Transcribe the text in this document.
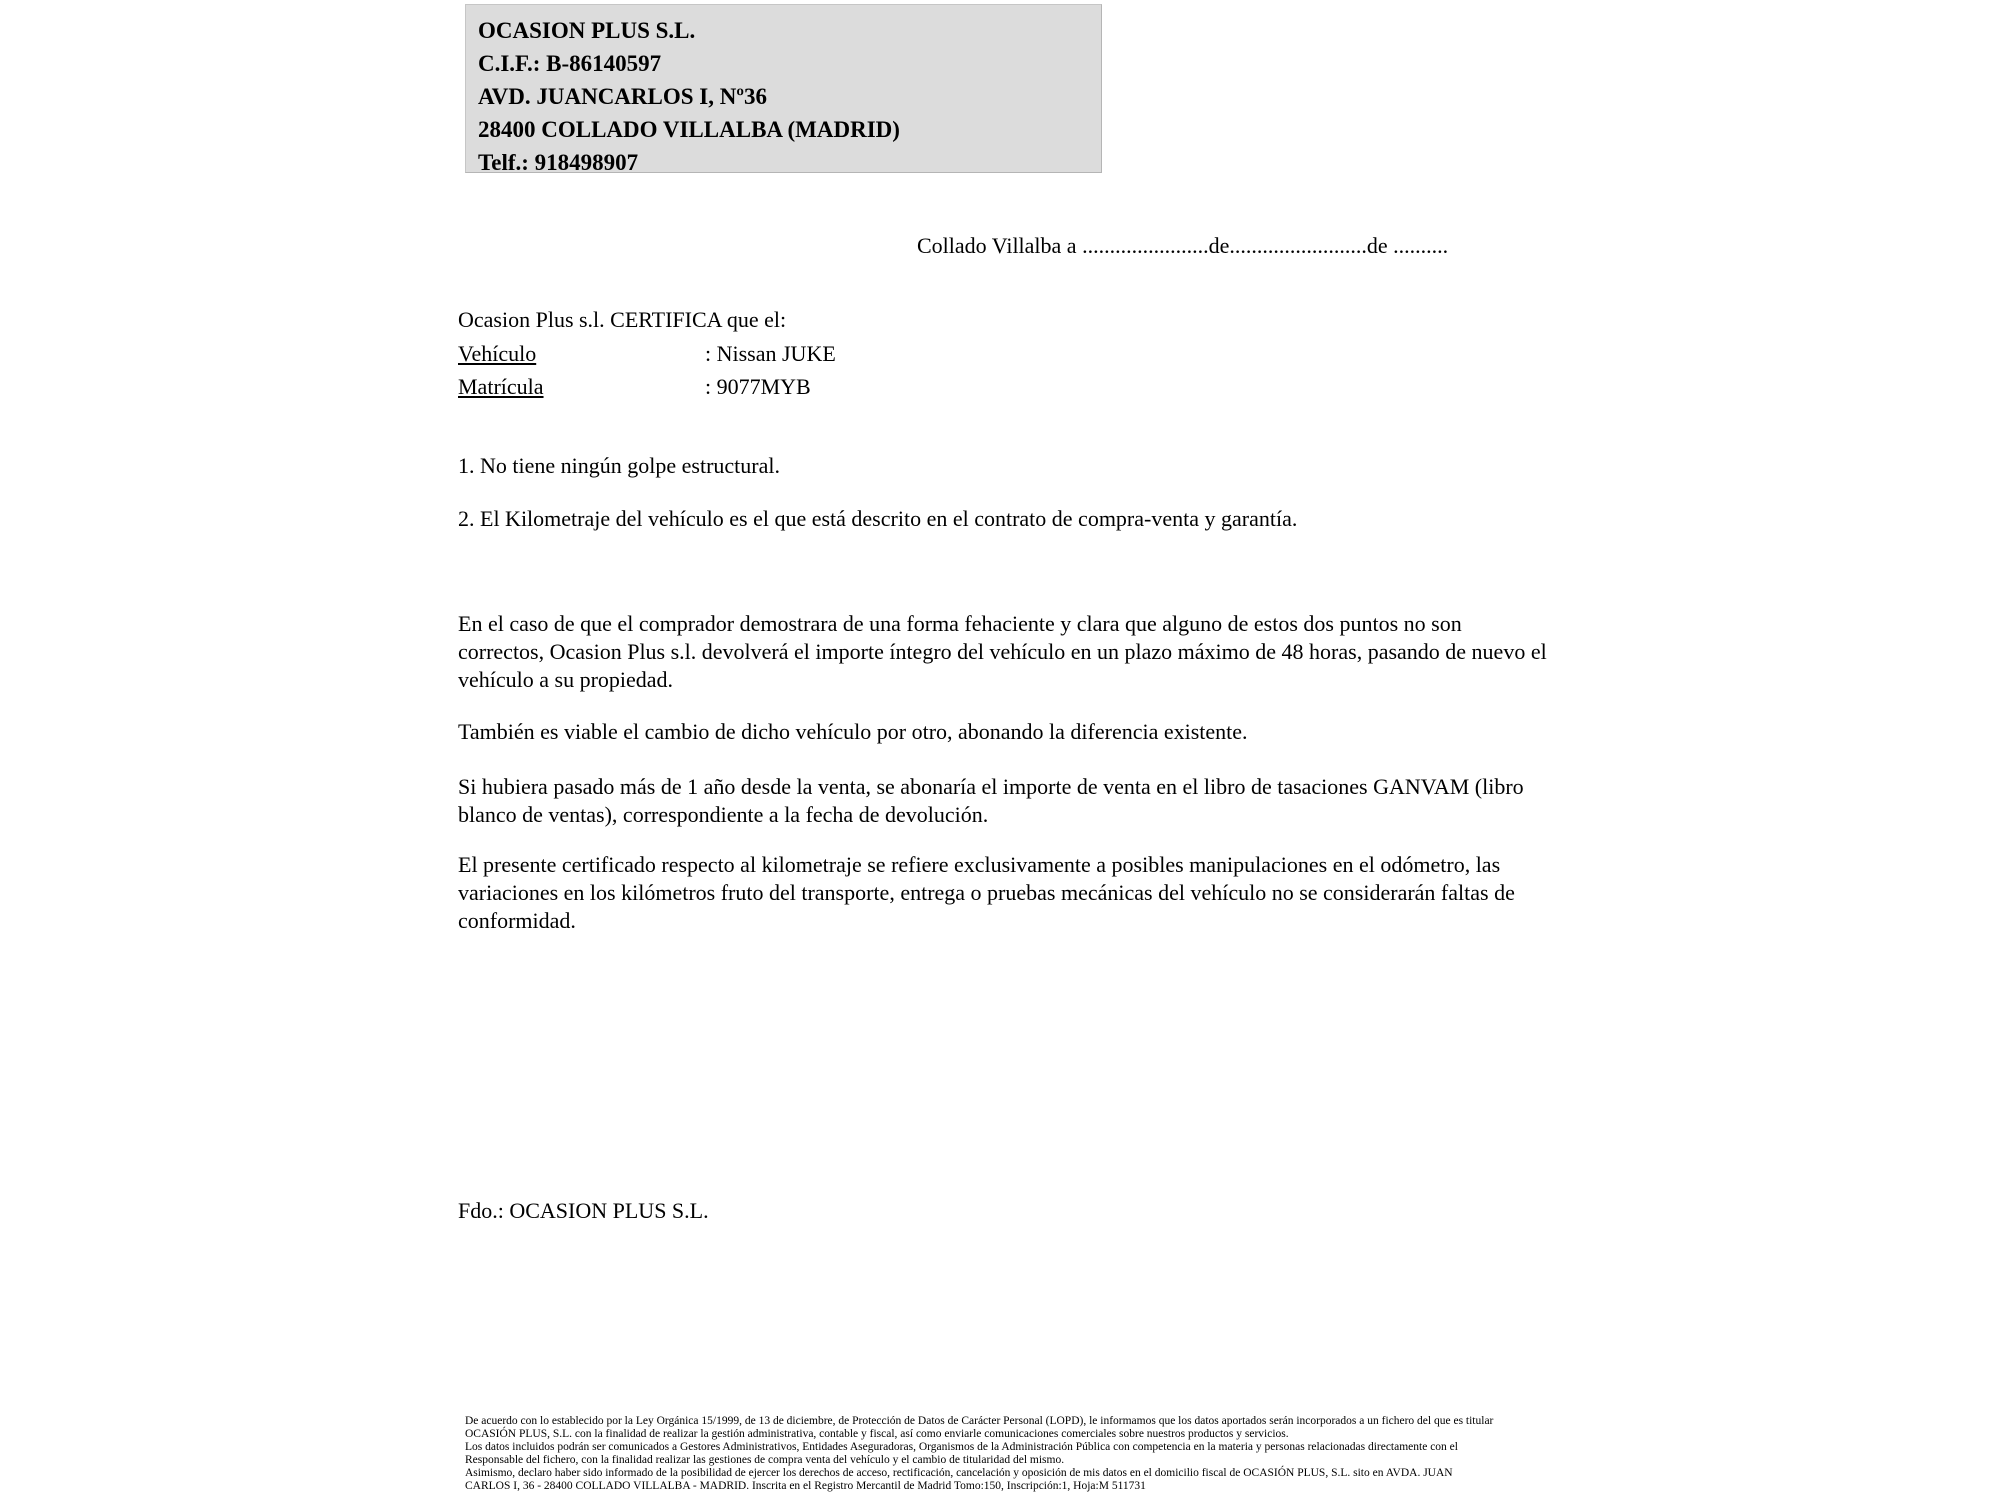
OCASION PLUS S.L.
C.I.F.: B-86140597
AVD. JUANCARLOS I, Nº36
28400 COLLADO VILLALBA (MADRID)
Telf.: 918498907
Collado Villalba a .......................de.........................de ..........
Ocasion Plus s.l. CERTIFICA que el:
Vehículo	: Nissan JUKE
Matrícula	: 9077MYB

1. No tiene ningún golpe estructural.

2. El Kilometraje del vehículo es el que está descrito en el contrato de compra-venta y garantía.

En el caso de que el comprador demostrara de una forma fehaciente y clara que alguno de estos dos puntos no son correctos, Ocasion Plus s.l. devolverá el importe íntegro del vehículo en un plazo máximo de 48 horas, pasando de nuevo el vehículo a su propiedad.

También es viable el cambio de dicho vehículo por otro, abonando la diferencia existente.

Si hubiera pasado más de 1 año desde la venta, se abonaría el importe de venta en el libro de tasaciones GANVAM (libro blanco de ventas), correspondiente a la fecha de devolución.

El presente certificado respecto al kilometraje se refiere exclusivamente a posibles manipulaciones en el odómetro, las variaciones en los kilómetros fruto del transporte, entrega o pruebas mecánicas del vehículo no se considerarán faltas de conformidad.

Fdo.: OCASION PLUS S.L.
De acuerdo con lo establecido por la Ley Orgánica 15/1999, de 13 de diciembre, de Protección de Datos de Carácter Personal (LOPD), le informamos que los datos aportados serán incorporados a un fichero del que es titular
OCASIÓN PLUS, S.L. con la finalidad de realizar la gestión administrativa, contable y fiscal, así como enviarle comunicaciones comerciales sobre nuestros productos y servicios.
Los datos incluidos podrán ser comunicados a Gestores Administrativos, Entidades Aseguradoras, Organismos de la Administración Pública con competencia en la materia y personas relacionadas directamente con el
Responsable del fichero, con la finalidad realizar las gestiones de compra venta del vehículo y el cambio de titularidad del mismo.
Asimismo, declaro haber sido informado de la posibilidad de ejercer los derechos de acceso, rectificación, cancelación y oposición de mis datos en el domicilio fiscal de OCASIÓN PLUS, S.L. sito en AVDA. JUAN
CARLOS I, 36 - 28400 COLLADO VILLALBA - MADRID. Inscrita en el Registro Mercantil de Madrid Tomo:150, Inscripción:1, Hoja:M 511731
